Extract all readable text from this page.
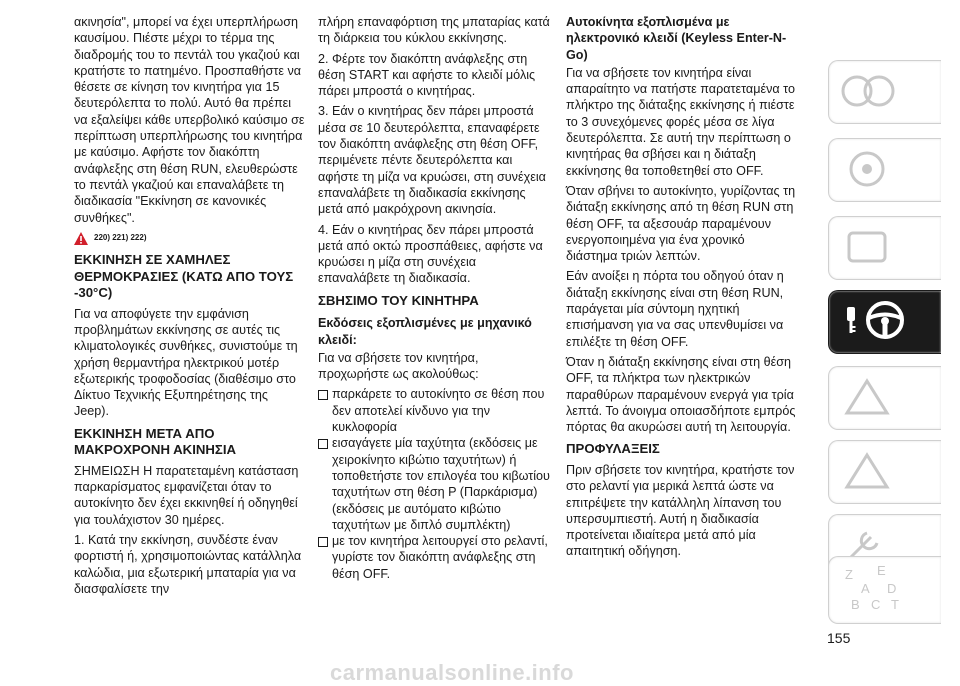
ακινησία", μπορεί να έχει υπερπλήρωση καυσίμου. Πιέστε μέχρι το τέρμα της διαδρομής του το πεντάλ του γκαζιού και κρατήστε το πατημένο. Προσπαθήστε να θέσετε σε κίνηση τον κινητήρα για 15 δευτερόλεπτα το πολύ. Αυτό θα πρέπει να εξαλείψει κάθε υπερβολικό καύσιμο σε περίπτωση υπερπλήρωσης του κινητήρα με καύσιμο. Αφήστε τον διακόπτη ανάφλεξης στη θέση RUN, ελευθερώστε το πεντάλ γκαζιού και επαναλάβετε τη διαδικασία "Εκκίνηση σε κανονικές συνθήκες".

220) 221) 222)
ΕΚΚΙΝΗΣΗ ΣΕ ΧΑΜΗΛΕΣ ΘΕΡΜΟΚΡΑΣΙΕΣ (ΚΑΤΩ ΑΠΟ ΤΟΥΣ -30°C)

Για να αποφύγετε την εμφάνιση προβλημάτων εκκίνησης σε αυτές τις κλιματολογικές συνθήκες, συνιστούμε τη χρήση θερμαντήρα ηλεκτρικού μοτέρ εξωτερικής τροφοδοσίας (διαθέσιμο στο Δίκτυο Τεχνικής Εξυπηρέτησης της Jeep).

ΕΚΚΙΝΗΣΗ ΜΕΤΑ ΑΠΟ ΜΑΚΡΟΧΡΟΝΗ ΑΚΙΝΗΣΙΑ

ΣΗΜΕΙΩΣΗ Η παρατεταμένη κατάσταση παρκαρίσματος εμφανίζεται όταν το αυτοκίνητο δεν έχει εκκινηθεί ή οδηγηθεί για τουλάχιστον 30 ημέρες.

1. Κατά την εκκίνηση, συνδέστε έναν φορτιστή ή, χρησιμοποιώντας κατάλληλα καλώδια, μια εξωτερική μπαταρία για να διασφαλίσετε την

πλήρη επαναφόρτιση της μπαταρίας κατά τη διάρκεια του κύκλου εκκίνησης.

2. Φέρτε τον διακόπτη ανάφλεξης στη θέση START και αφήστε το κλειδί μόλις πάρει μπροστά ο κινητήρας.

3. Εάν ο κινητήρας δεν πάρει μπροστά μέσα σε 10 δευτερόλεπτα, επαναφέρετε τον διακόπτη ανάφλεξης στη θέση OFF, περιμένετε πέντε δευτερόλεπτα και αφήστε τη μίζα να κρυώσει, στη συνέχεια επαναλάβετε τη διαδικασία εκκίνησης μετά από μακρόχρονη ακινησία.

4. Εάν ο κινητήρας δεν πάρει μπροστά μετά από οκτώ προσπάθειες, αφήστε να κρυώσει η μίζα στη συνέχεια επαναλάβετε τη διαδικασία.

ΣΒΗΣΙΜΟ ΤΟΥ ΚΙΝΗΤΗΡΑ
Εκδόσεις εξοπλισμένες με μηχανικό κλειδί:

Για να σβήσετε τον κινητήρα, προχωρήστε ως ακολούθως:

παρκάρετε το αυτοκίνητο σε θέση που δεν αποτελεί κίνδυνο για την κυκλοφορία
εισαγάγετε μία ταχύτητα (εκδόσεις με χειροκίνητο κιβώτιο ταχυτήτων) ή τοποθετήστε τον επιλογέα του κιβωτίου ταχυτήτων στη θέση P (Παρκάρισμα) (εκδόσεις με αυτόματο κιβώτιο ταχυτήτων με διπλό συμπλέκτη)
με τον κινητήρα λειτουργεί στο ρελαντί, γυρίστε τον διακόπτη ανάφλεξης στη θέση OFF.
Αυτοκίνητα εξοπλισμένα με ηλεκτρονικό κλειδί (Keyless Enter-N-Go)

Για να σβήσετε τον κινητήρα είναι απαραίτητο να πατήστε παρατεταμένα το πλήκτρο της διάταξης εκκίνησης ή πιέστε το 3 συνεχόμενες φορές μέσα σε λίγα δευτερόλεπτα. Σε αυτή την περίπτωση ο κινητήρας θα σβήσει και η διάταξη εκκίνησης θα τοποθετηθεί στο OFF.

Όταν σβήνει το αυτοκίνητο, γυρίζοντας τη διάταξη εκκίνησης από τη θέση RUN στη θέση OFF, τα αξεσουάρ παραμένουν ενεργοποιημένα για ένα χρονικό διάστημα τριών λεπτών.

Εάν ανοίξει η πόρτα του οδηγού όταν η διάταξη εκκίνησης είναι στη θέση RUN, παράγεται μία σύντομη ηχητική επισήμανση για να σας υπενθυμίσει να επιλέξτε τη θέση OFF.

Όταν η διάταξη εκκίνησης είναι στη θέση OFF, τα πλήκτρα των ηλεκτρικών παραθύρων παραμένουν ενεργά για τρία λεπτά. Το άνοιγμα οποιασδήποτε εμπρός πόρτας θα ακυρώσει αυτή τη λειτουργία.

ΠΡΟΦΥΛΑΞΕΙΣ

Πριν σβήσετε τον κινητήρα, κρατήστε τον στο ρελαντί για μερικά λεπτά ώστε να επιτρέψετε την κατάλληλη λίπανση του υπερσυμπιεστή. Αυτή η διαδικασία προτείνεται ιδιαίτερα μετά από μία απαιτητική οδήγηση.

Z E
A D
B C T
155
carmanualsonline.info
